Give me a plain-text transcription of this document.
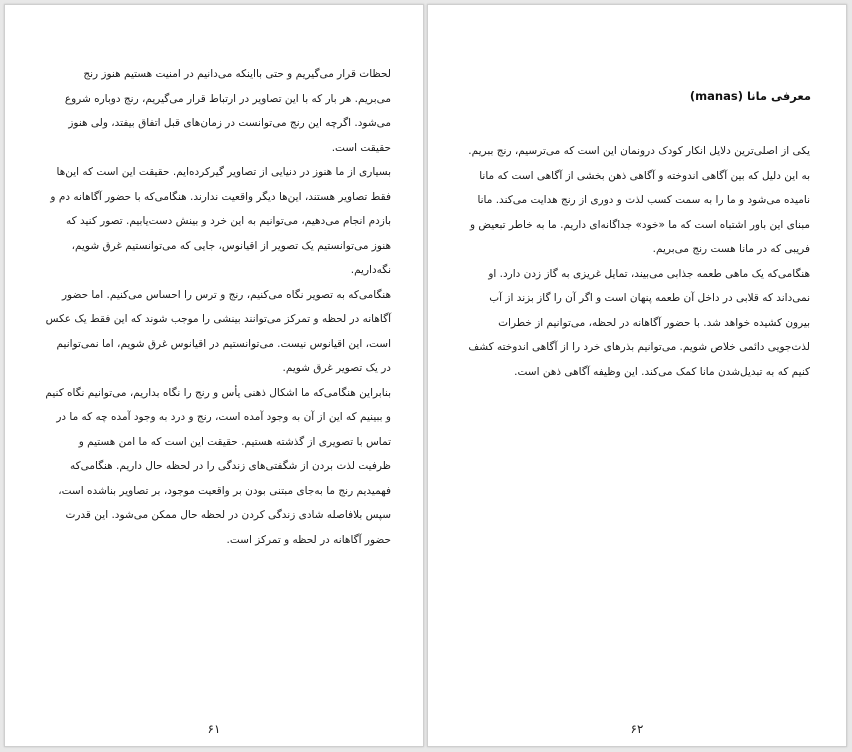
لحظات قرار می‌گیریم و حتی بااینکه می‌دانیم در امنیت هستیم هنوز رنج می‌بریم. هر بار که با این تصاویر در ارتباط قرار می‌گیریم، رنج دوباره شروع می‌شود. اگرچه این رنج می‌توانست در زمان‌های قبل اتفاق بیفتد، ولی هنوز حقیقت است.

بسیاری از ما هنوز در دنیایی از تصاویر گیرکرده‌ایم. حقیقت این است که این‌ها فقط تصاویر هستند، این‌ها دیگر واقعیت ندارند. هنگامی‌که با حضور آگاهانه دم و بازدم انجام می‌دهیم، می‌توانیم به این خرد و بینش دست‌یابیم. تصور کنید که هنوز می‌توانستیم یک تصویر از اقیانوس، جایی که می‌توانستیم غرق شویم، نگه‌داریم.

هنگامی‌که به تصویر نگاه می‌کنیم، رنج و ترس را احساس می‌کنیم. اما حضور آگاهانه در لحظه و تمرکز می‌توانند بینشی را موجب شوند که این فقط یک عکس است، این اقیانوس نیست. می‌توانستیم در اقیانوس غرق شویم، اما نمی‌توانیم در یک تصویر غرق شویم.

بنابراین هنگامی‌که ما اشکال ذهنی یأس و رنج را نگاه بداریم، می‌توانیم نگاه کنیم و ببینیم که این از آن به وجود آمده است، رنج و درد به وجود آمده چه که ما در تماس با تصویری از گذشته هستیم. حقیقت این است که ما امن هستیم و ظرفیت لذت بردن از شگفتی‌های زندگی را در لحظه حال داریم. هنگامی‌که فهمیدیم رنج ما به‌جای مبتنی بودن بر واقعیت موجود، بر تصاویر بناشده است، سپس بلافاصله شادی زندگی کردن در لحظه حال ممکن می‌شود. این قدرت حضور آگاهانه در لحظه و تمرکز است.

۶۱
معرفی مانا (manas)

یکی از اصلی‌ترین دلایل انکار کودک درونمان این است که می‌ترسیم، رنج ببریم. به این دلیل که بین آگاهی اندوخته و آگاهی ذهن بخشی از آگاهی است که مانا نامیده می‌شود و ما را به سمت کسب لذت و دوری از رنج هدایت می‌کند. مانا مبنای این باور اشتباه است که ما «خود» جداگانه‌ای داریم. ما به خاطر تبعیض و فریبی که در مانا هست رنج می‌بریم.

هنگامی‌که یک ماهی طعمه جذابی می‌بیند، تمایل غریزی به گاز زدن دارد. او نمی‌داند که قلابی در داخل آن طعمه پنهان است و اگر آن را گاز بزند از آب بیرون کشیده خواهد شد. با حضور آگاهانه در لحظه، می‌توانیم از خطرات لذت‌جویی دائمی خلاص شویم. می‌توانیم بذرهای خرد را از آگاهی اندوخته کشف کنیم که به تبدیل‌شدن مانا کمک می‌کند. این وظیفه آگاهی ذهن است.

۶۲
